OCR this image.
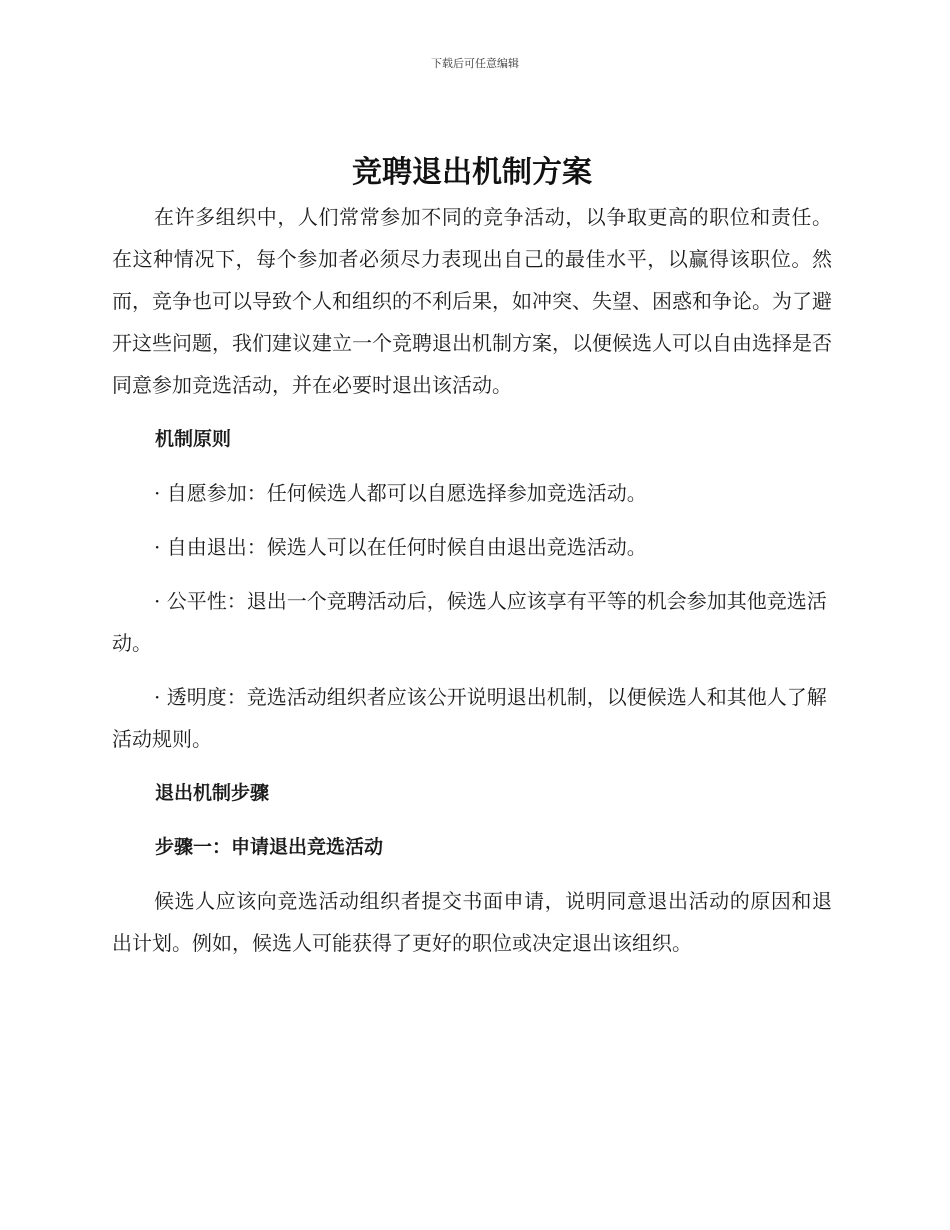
下载后可任意编辑
竞聘退出机制方案

在许多组织中，人们常常参加不同的竞争活动，以争取更高的职位和责任。在这种情况下，每个参加者必须尽力表现出自己的最佳水平，以赢得该职位。然而，竞争也可以导致个人和组织的不利后果，如冲突、失望、困惑和争论。为了避开这些问题，我们建议建立一个竞聘退出机制方案，以便候选人可以自由选择是否同意参加竞选活动，并在必要时退出该活动。

机制原则

· 自愿参加：任何候选人都可以自愿选择参加竞选活动。

· 自由退出：候选人可以在任何时候自由退出竞选活动。

· 公平性：退出一个竞聘活动后，候选人应该享有平等的机会参加其他竞选活动。

· 透明度：竞选活动组织者应该公开说明退出机制，以便候选人和其他人了解活动规则。

退出机制步骤
步骤一：申请退出竞选活动

候选人应该向竞选活动组织者提交书面申请，说明同意退出活动的原因和退出计划。例如，候选人可能获得了更好的职位或决定退出该组织。
